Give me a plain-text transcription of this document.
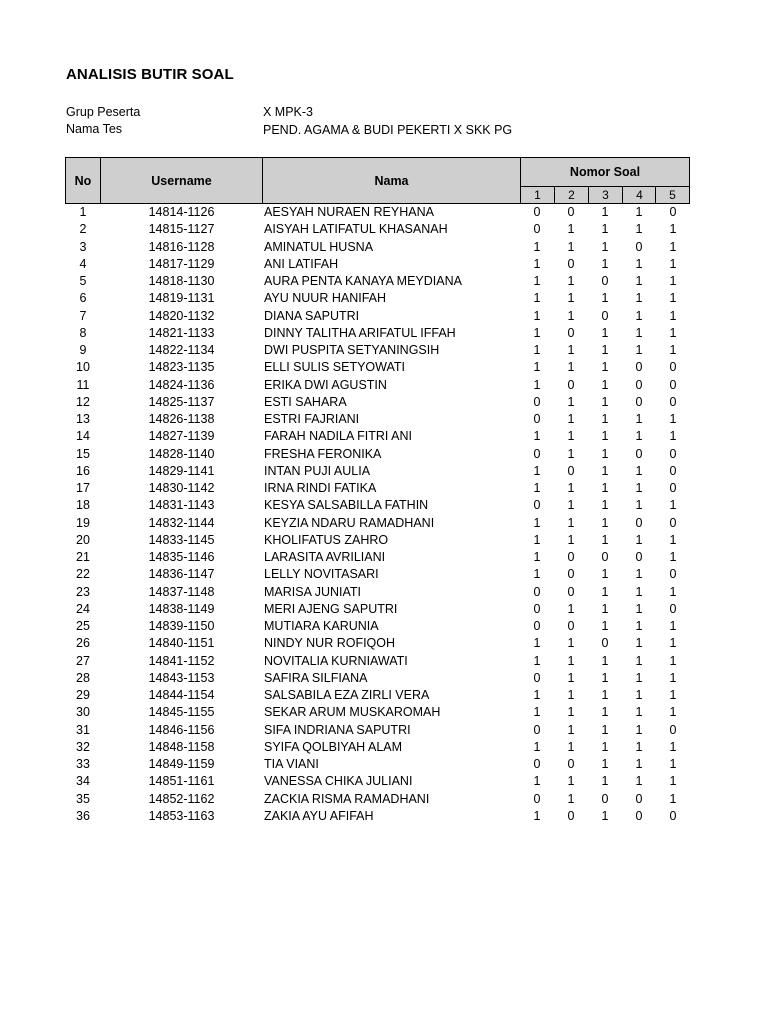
ANALISIS BUTIR SOAL
Grup Peserta	X MPK-3
Nama Tes	PEND. AGAMA & BUDI PEKERTI X SKK PG
No	Username	Nama
Nomor Soal
1	2	3	4	5
1	14814-1126	AESYAH NURAEN REYHANA	0	0	1	1	0
2	14815-1127	AISYAH LATIFATUL KHASANAH	0	1	1	1	1
3	14816-1128	AMINATUL HUSNA	1	1	1	0	1
4	14817-1129	ANI LATIFAH	1	0	1	1	1
5	14818-1130	AURA PENTA KANAYA MEYDIANA	1	1	0	1	1
6	14819-1131	AYU NUUR HANIFAH	1	1	1	1	1
7	14820-1132	DIANA SAPUTRI	1	1	0	1	1
8	14821-1133	DINNY TALITHA ARIFATUL IFFAH	1	0	1	1	1
9	14822-1134	DWI PUSPITA SETYANINGSIH	1	1	1	1	1
10	14823-1135	ELLI SULIS SETYOWATI	1	1	1	0	0
11	14824-1136	ERIKA DWI AGUSTIN	1	0	1	0	0
12	14825-1137	ESTI SAHARA	0	1	1	0	0
13	14826-1138	ESTRI FAJRIANI	0	1	1	1	1
14	14827-1139	FARAH NADILA FITRI ANI	1	1	1	1	1
15	14828-1140	FRESHA FERONIKA	0	1	1	0	0
16	14829-1141	INTAN PUJI AULIA	1	0	1	1	0
17	14830-1142	IRNA RINDI FATIKA	1	1	1	1	0
18	14831-1143	KESYA SALSABILLA FATHIN	0	1	1	1	1
19	14832-1144	KEYZIA NDARU RAMADHANI	1	1	1	0	0
20	14833-1145	KHOLIFATUS ZAHRO	1	1	1	1	1
21	14835-1146	LARASITA AVRILIANI	1	0	0	0	1
22	14836-1147	LELLY NOVITASARI	1	0	1	1	0
23	14837-1148	MARISA JUNIATI	0	0	1	1	1
24	14838-1149	MERI AJENG SAPUTRI	0	1	1	1	0
25	14839-1150	MUTIARA KARUNIA	0	0	1	1	1
26	14840-1151	NINDY NUR ROFIQOH	1	1	0	1	1
27	14841-1152	NOVITALIA KURNIAWATI	1	1	1	1	1
28	14843-1153	SAFIRA SILFIANA	0	1	1	1	1
29	14844-1154	SALSABILA EZA ZIRLI VERA	1	1	1	1	1
30	14845-1155	SEKAR ARUM MUSKAROMAH	1	1	1	1	1
31	14846-1156	SIFA INDRIANA SAPUTRI	0	1	1	1	0
32	14848-1158	SYIFA QOLBIYAH ALAM	1	1	1	1	1
33	14849-1159	TIA VIANI	0	0	1	1	1
34	14851-1161	VANESSA CHIKA JULIANI	1	1	1	1	1
35	14852-1162	ZACKIA RISMA RAMADHANI	0	1	0	0	1
36	14853-1163	ZAKIA AYU AFIFAH	1	0	1	0	0
